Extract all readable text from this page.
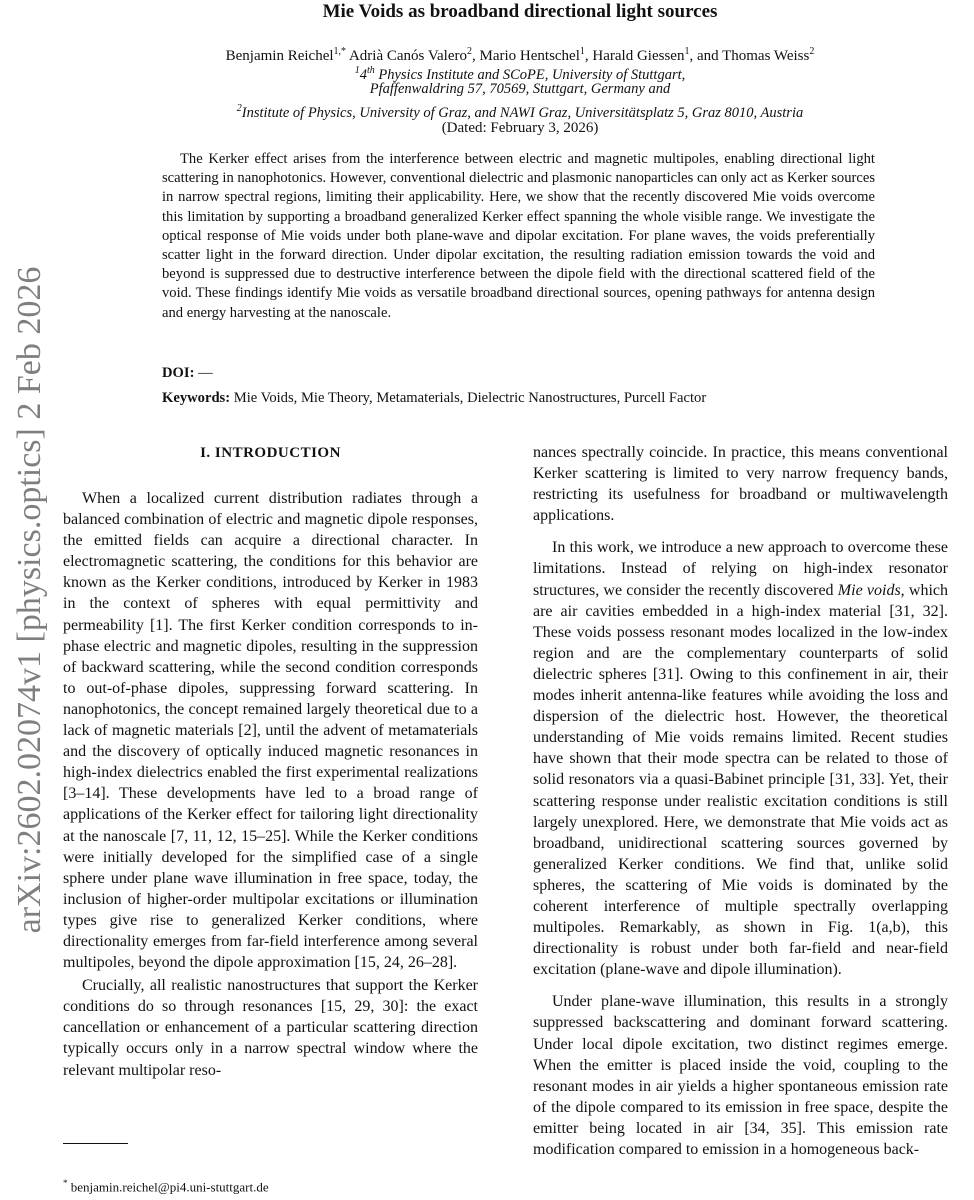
arXiv:2602.02074v1 [physics.optics] 2 Feb 2026
Mie Voids as broadband directional light sources
Benjamin Reichel$^{1,*}$ Adrià Canós Valero$^2$, Mario Hentschel$^1$, Harald Giessen$^1$, and Thomas Weiss$^2$
$^1$4th Physics Institute and SCoPE, University of Stuttgart,
Pfaffenwaldring 57, 70569, Stuttgart, Germany and
$^2$Institute of Physics, University of Graz, and NAWI Graz, Universitätsplatz 5, Graz 8010, Austria
(Dated: February 3, 2026)

The Kerker effect arises from the interference between electric and magnetic multipoles, enabling directional light scattering in nanophotonics. However, conventional dielectric and plasmonic nanoparticles can only act as Kerker sources in narrow spectral regions, limiting their applicability. Here, we show that the recently discovered Mie voids overcome this limitation by supporting a broadband generalized Kerker effect spanning the whole visible range. We investigate the optical response of Mie voids under both plane-wave and dipolar excitation. For plane waves, the voids preferentially scatter light in the forward direction. Under dipolar excitation, the resulting radiation emission towards the void and beyond is suppressed due to destructive interference between the dipole field with the directional scattered field of the void. These findings identify Mie voids as versatile broadband directional sources, opening pathways for antenna design and energy harvesting at the nanoscale.

DOI: —

Keywords: Mie Voids, Mie Theory, Metamaterials, Dielectric Nanostructures, Purcell Factor

I. INTRODUCTION

When a localized current distribution radiates through a balanced combination of electric and magnetic dipole responses, the emitted fields can acquire a directional character. In electromagnetic scattering, the conditions for this behavior are known as the Kerker conditions, introduced by Kerker in 1983 in the context of spheres with equal permittivity and permeability [1]. The first Kerker condition corresponds to in-phase electric and magnetic dipoles, resulting in the suppression of backward scattering, while the second condition corresponds to out-of-phase dipoles, suppressing forward scattering. In nanophotonics, the concept remained largely theoretical due to a lack of magnetic materials [2], until the advent of metamaterials and the discovery of optically induced magnetic resonances in high-index dielectrics enabled the first experimental realizations [3–14]. These developments have led to a broad range of applications of the Kerker effect for tailoring light directionality at the nanoscale [7, 11, 12, 15–25]. While the Kerker conditions were initially developed for the simplified case of a single sphere under plane wave illumination in free space, today, the inclusion of higher-order multipolar excitations or illumination types give rise to generalized Kerker conditions, where directionality emerges from far-field interference among several multipoles, beyond the dipole approximation [15, 24, 26–28].

Crucially, all realistic nanostructures that support the Kerker conditions do so through resonances [15, 29, 30]: the exact cancellation or enhancement of a particular scattering direction typically occurs only in a narrow spectral window where the relevant multipolar reso-

nances spectrally coincide. In practice, this means conventional Kerker scattering is limited to very narrow frequency bands, restricting its usefulness for broadband or multiwavelength applications.

In this work, we introduce a new approach to overcome these limitations. Instead of relying on high-index resonator structures, we consider the recently discovered Mie voids, which are air cavities embedded in a high-index material [31, 32]. These voids possess resonant modes localized in the low-index region and are the complementary counterparts of solid dielectric spheres [31]. Owing to this confinement in air, their modes inherit antenna-like features while avoiding the loss and dispersion of the dielectric host. However, the theoretical understanding of Mie voids remains limited. Recent studies have shown that their mode spectra can be related to those of solid resonators via a quasi-Babinet principle [31, 33]. Yet, their scattering response under realistic excitation conditions is still largely unexplored. Here, we demonstrate that Mie voids act as broadband, unidirectional scattering sources governed by generalized Kerker conditions. We find that, unlike solid spheres, the scattering of Mie voids is dominated by the coherent interference of multiple spectrally overlapping multipoles. Remarkably, as shown in Fig. 1(a,b), this directionality is robust under both far-field and near-field excitation (plane-wave and dipole illumination).

Under plane-wave illumination, this results in a strongly suppressed backscattering and dominant forward scattering. Under local dipole excitation, two distinct regimes emerge. When the emitter is placed inside the void, coupling to the resonant modes in air yields a higher spontaneous emission rate of the dipole compared to its emission in free space, despite the emitter being located in air [34, 35]. This emission rate modification compared to emission in a homogeneous back-

* benjamin.reichel@pi4.uni-stuttgart.de
